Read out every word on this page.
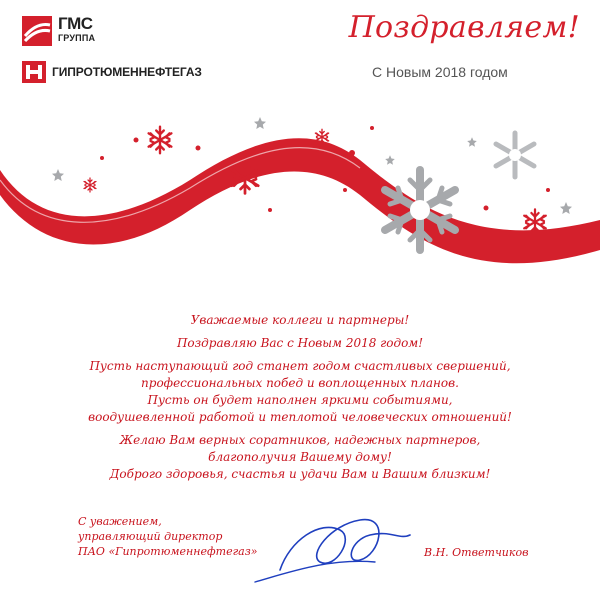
ГМС
ГРУППА
ГИПРОТЮМЕННЕФТЕГАЗ
Поздравляем!
С Новым 2018 годом
Уважаемые коллеги и партнеры!
Поздравляю Вас с Новым 2018 годом!
Пусть наступающий год станет годом счастливых свершений,
профессиональных побед и воплощенных планов.
Пусть он будет наполнен яркими событиями,
воодушевленной работой и теплотой человеческих отношений!
Желаю Вам верных соратников, надежных партнеров,
благополучия Вашему дому!
Доброго здоровья, счастья и удачи Вам и Вашим близким!
С уважением,
управляющий директор
ПАО «Гипротюменнефтегаз»	В.Н. Ответчиков
